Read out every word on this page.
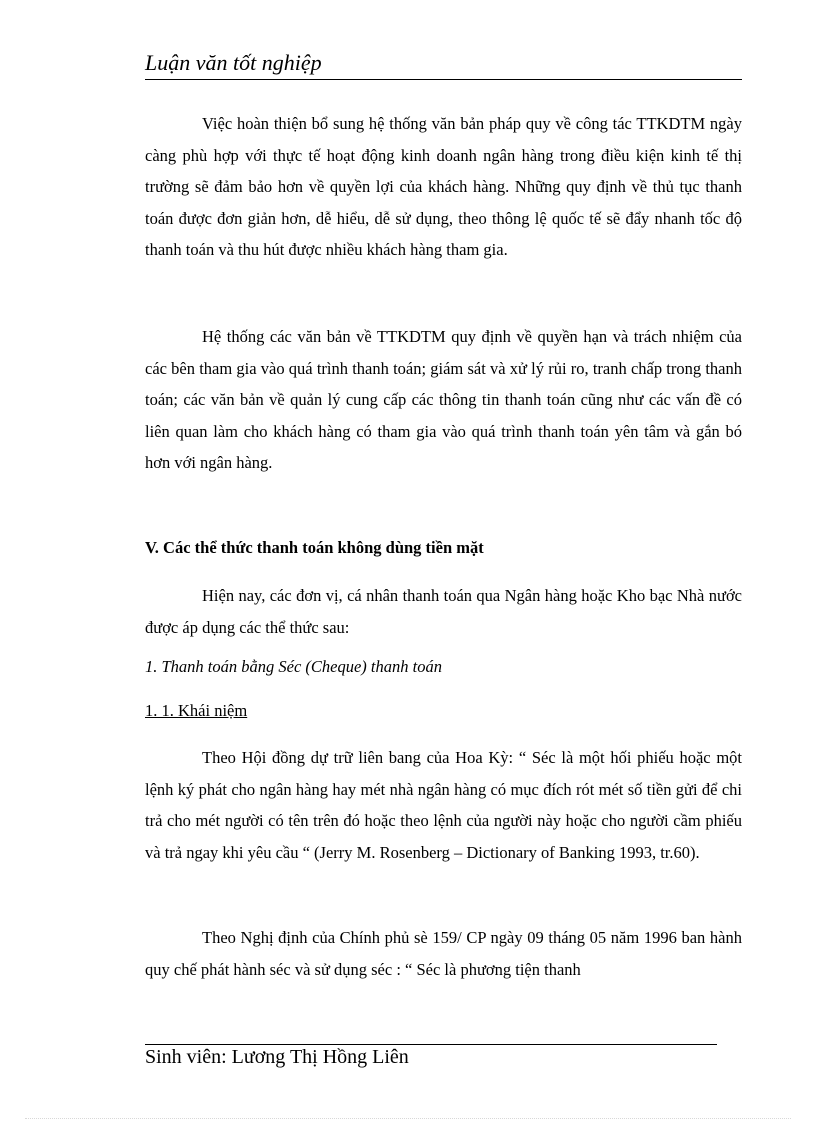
Luận văn tốt nghiệp

Việc hoàn thiện bổ sung hệ thống văn bản pháp quy về công tác TTKDTM ngày càng phù hợp với thực tế hoạt động kinh doanh ngân hàng trong điều kiện kinh tế thị trường sẽ đảm bảo hơn về quyền lợi của khách hàng. Những quy định về thủ tục thanh toán được đơn giản hơn, dễ hiểu, dễ sử dụng, theo thông lệ quốc tế sẽ đẩy nhanh tốc độ thanh toán và thu hút được nhiều khách hàng tham gia.

Hệ thống các văn bản về TTKDTM quy định về quyền hạn và trách nhiệm của các bên tham gia vào quá trình thanh toán; giám sát và xử lý rủi ro, tranh chấp trong thanh toán; các văn bản về quản lý cung cấp các thông tin thanh toán cũng như các vấn đề có liên quan làm cho khách hàng có tham gia vào quá trình thanh toán yên tâm và gắn bó hơn với ngân hàng.

V. Các thể thức thanh toán không dùng tiền mặt

Hiện nay, các đơn vị, cá nhân thanh toán qua Ngân hàng hoặc Kho bạc Nhà nước được áp dụng các thể thức sau:

1. Thanh toán bằng Séc (Cheque) thanh toán
1. 1. Khái niệm

Theo Hội đồng dự trữ liên bang của Hoa Kỳ: “ Séc là một hối phiếu hoặc một lệnh ký phát cho ngân hàng hay mét nhà ngân hàng có mục đích rót mét số tiền gửi để chi trả cho mét người có tên trên đó hoặc theo lệnh của người này hoặc cho người cầm phiếu và trả ngay khi yêu cầu “ (Jerry M. Rosenberg – Dictionary of Banking 1993, tr.60).

Theo Nghị định của Chính phủ sè 159/ CP ngày 09 tháng 05 năm 1996 ban hành quy chế phát hành séc và sử dụng séc : “ Séc là phương tiện thanh

Sinh viên: Lương Thị Hồng Liên
